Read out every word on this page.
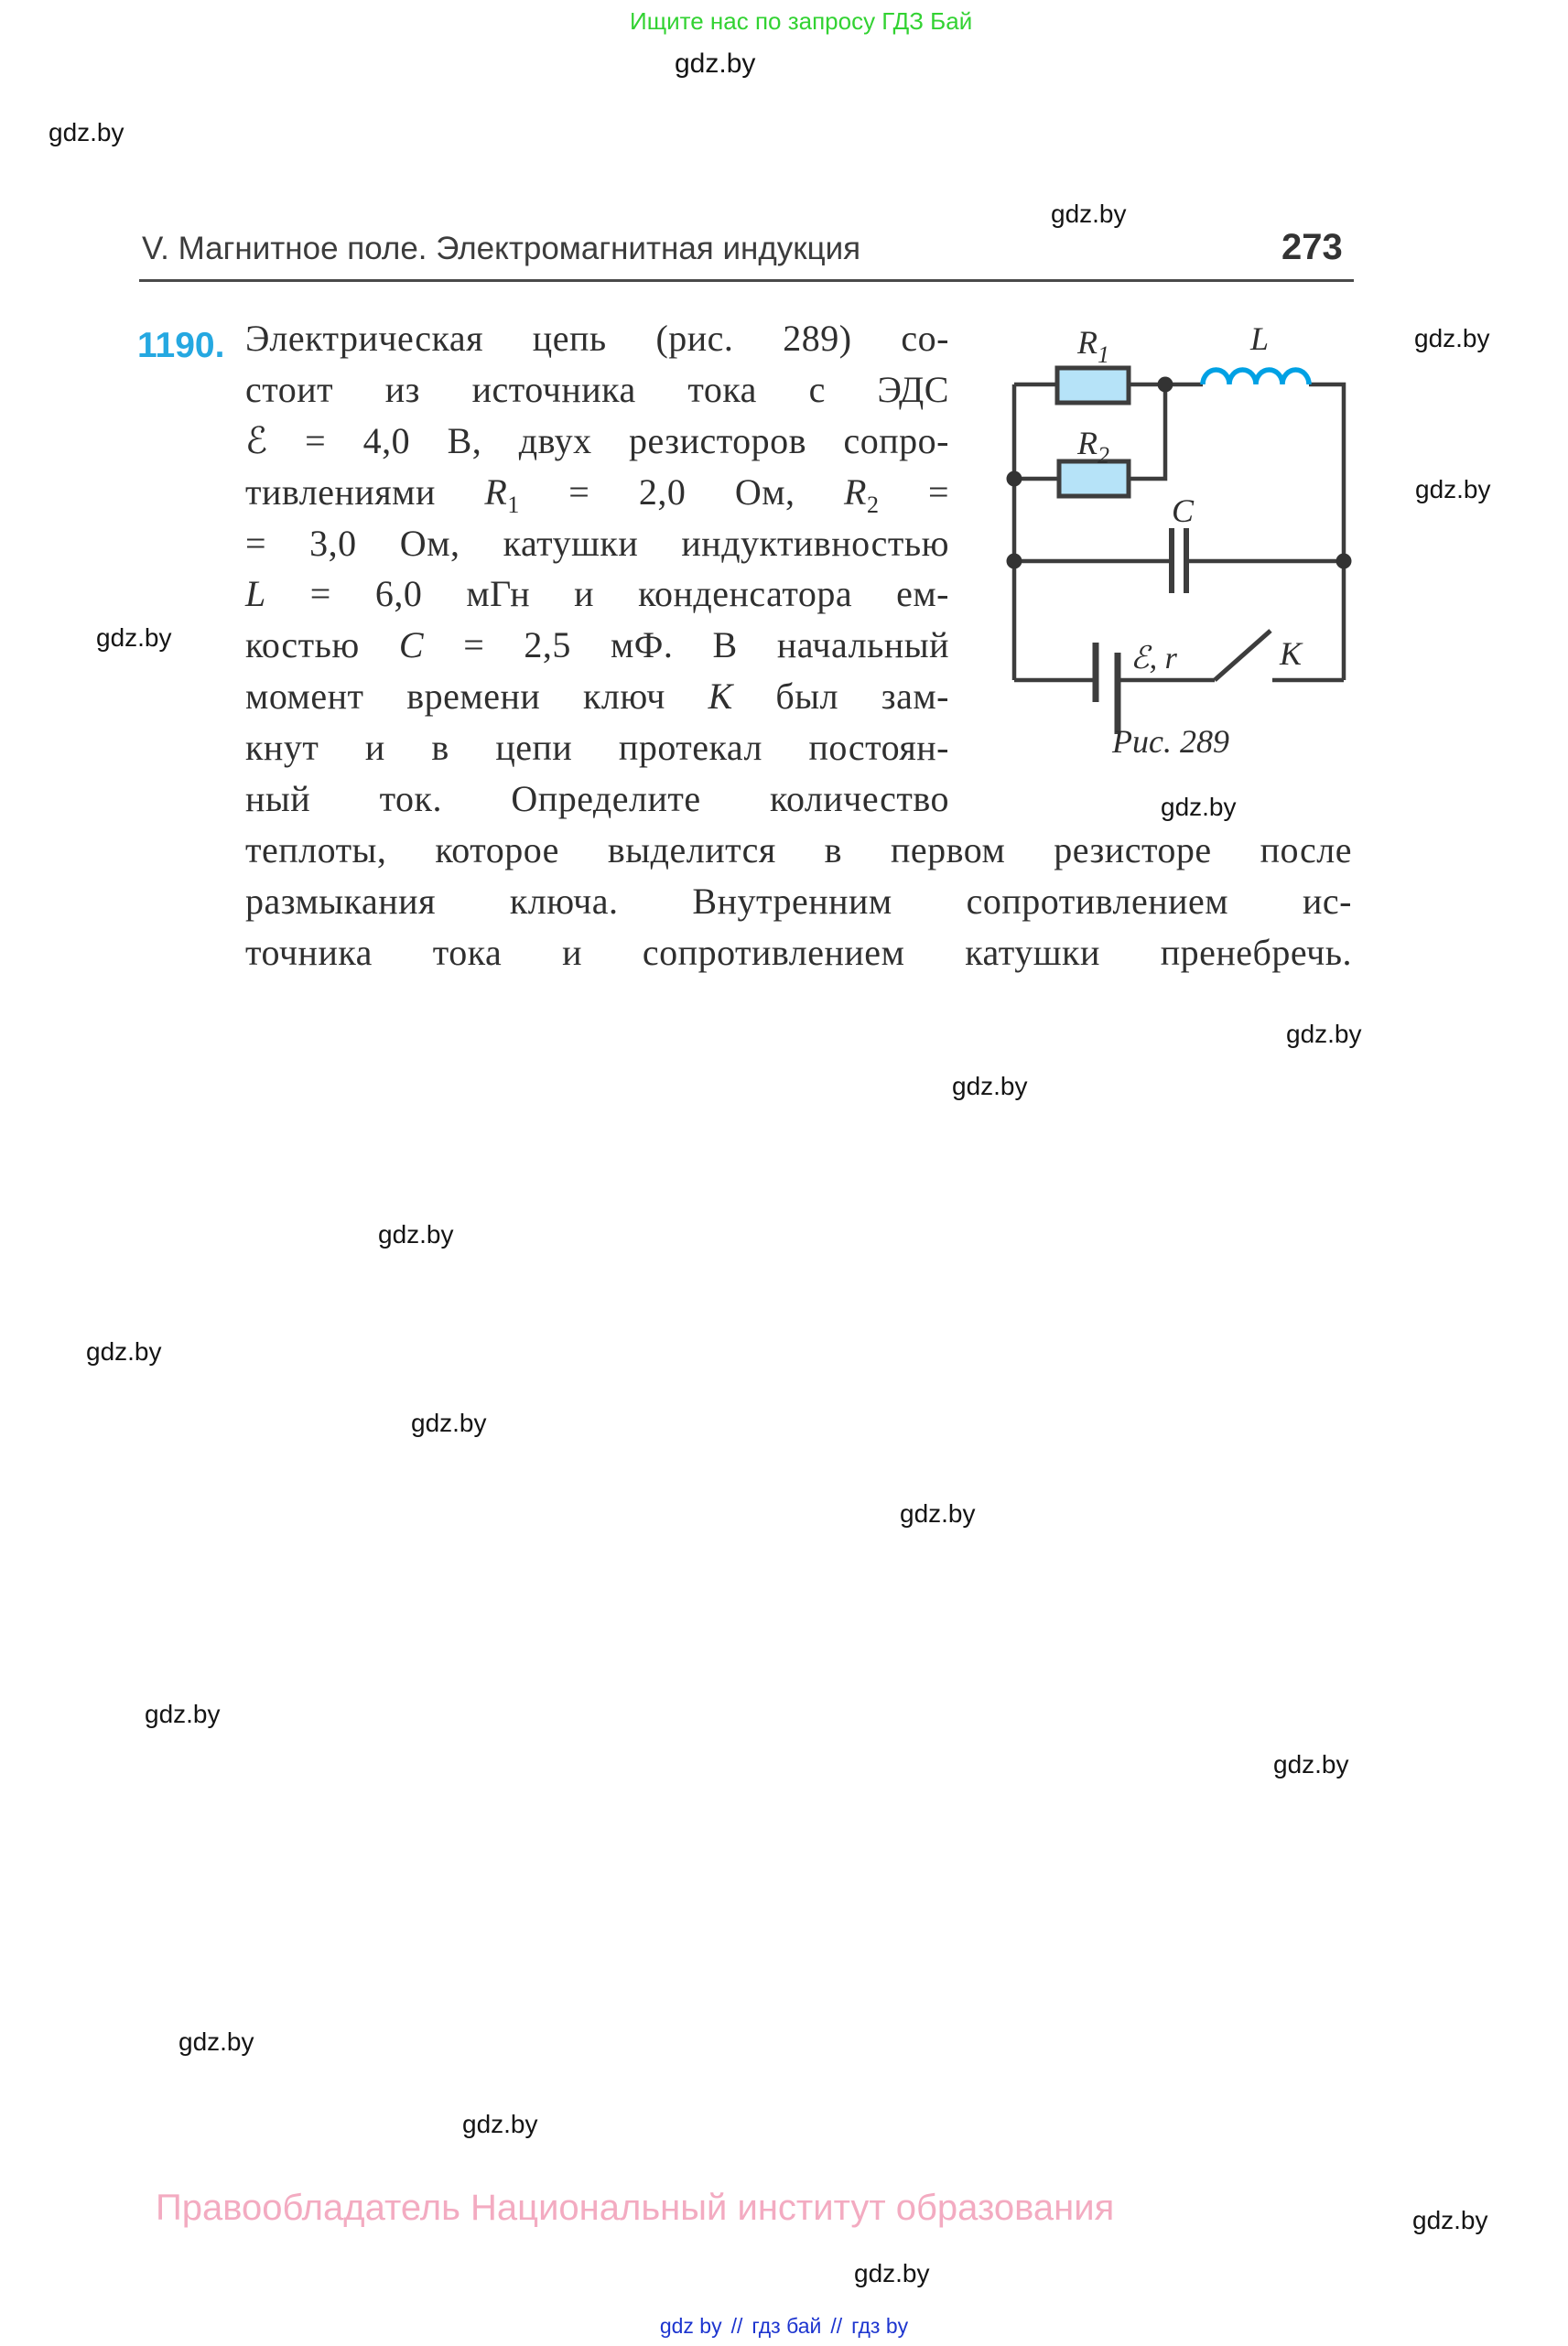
Ищите нас по запросу ГДЗ Бай
gdz.by
gdz.by
gdz.by
gdz.by
gdz.by
gdz.by
gdz.by
gdz.by
gdz.by
gdz.by
gdz.by
gdz.by
gdz.by
gdz.by
gdz.by
gdz.by
gdz.by
gdz.by
gdz.by
V. Магнитное поле. Электромагнитная индукция	273
1190. Электрическая цепь (рис. 289) со-
стоит из источника тока с ЭДС
ℰ = 4,0 В, двух резисторов сопро-
тивлениями $R_1 = 2,0$ Ом, $R_2$ =
= 3,0 Ом, катушки индуктивностью
L = 6,0 мГн и конденсатора ем-
костью C = 2,5 мФ. В начальный
момент времени ключ К был зам-
кнут и в цепи протекал постоян-
ный ток. Определите количество
теплоты, которое выделится в первом резисторе после
размыкания ключа. Внутренним сопротивлением ис-
точника тока и сопротивлением катушки пренебречь.
$R_1$
$R_2$
L
C
ℰ, r	К
Рис. 289
Правообладатель Национальный институт образования
gdz by // гдз бай // гдз by
